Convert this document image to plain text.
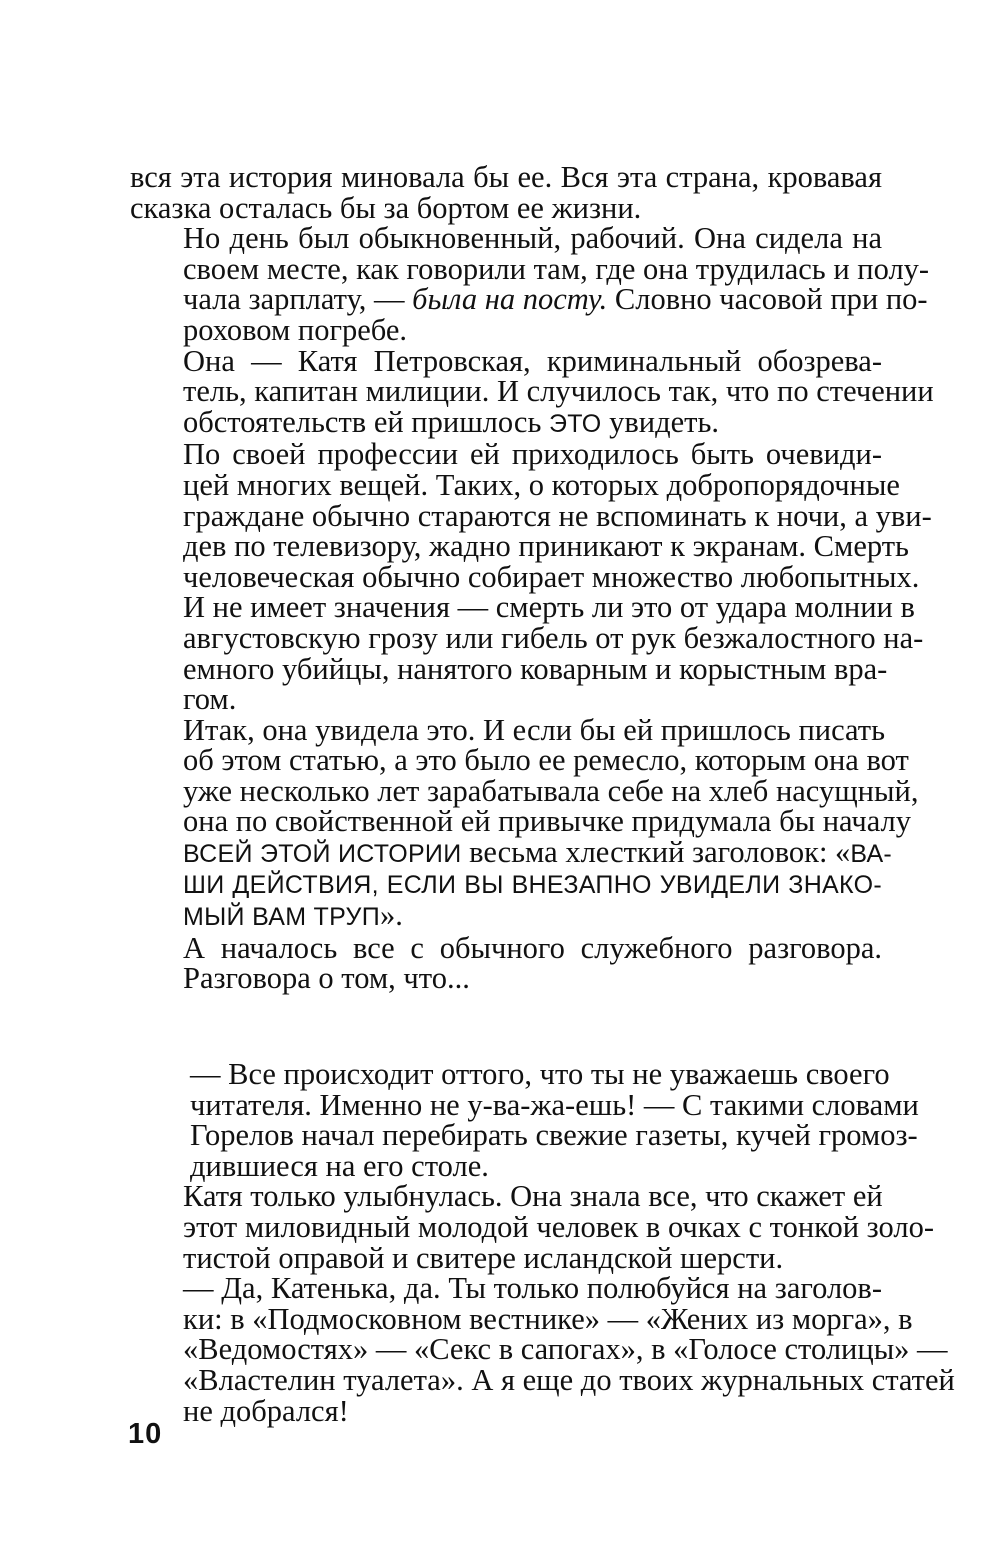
вся эта история миновала бы ее. Вся эта страна, кровавая
сказка осталась бы за бортом ее жизни.

Но день был обыкновенный, рабочий. Она сидела на
своем месте, как говорили там, где она трудилась и полу-
чала зарплату, — была на посту. Словно часовой при по-
роховом погребе.

Она — Катя Петровская, криминальный обозрева-
тель, капитан милиции. И случилось так, что по стечении
обстоятельств ей пришлось ЭТО увидеть.

По своей профессии ей приходилось быть очевиди-
цей многих вещей. Таких, о которых добропорядочные
граждане обычно стараются не вспоминать к ночи, а уви-
дев по телевизору, жадно приникают к экранам. Смерть
человеческая обычно собирает множество любопытных.
И не имеет значения — смерть ли это от удара молнии в
августовскую грозу или гибель от рук безжалостного на-
емного убийцы, нанятого коварным и корыстным вра-
гом.

Итак, она увидела это. И если бы ей пришлось писать
об этом статью, а это было ее ремесло, которым она вот
уже несколько лет зарабатывала себе на хлеб насущный,
она по свойственной ей привычке придумала бы началу
ВСЕЙ ЭТОЙ ИСТОРИИ весьма хлесткий заголовок: «ВА-
ШИ ДЕЙСТВИЯ, ЕСЛИ ВЫ ВНЕЗАПНО УВИДЕЛИ ЗНАКО-
МЫЙ ВАМ ТРУП».

А началось все с обычного служебного разговора.
Разговора о том, что...

— Все происходит оттого, что ты не уважаешь своего
читателя. Именно не у-ва-жа-ешь! — С такими словами
Горелов начал перебирать свежие газеты, кучей громоз-
дившиеся на его столе.

Катя только улыбнулась. Она знала все, что скажет ей
этот миловидный молодой человек в очках с тонкой золо-
тистой оправой и свитере исландской шерсти.

— Да, Катенька, да. Ты только полюбуйся на заголов-
ки: в «Подмосковном вестнике» — «Жених из морга», в
«Ведомостях» — «Секс в сапогах», в «Голосе столицы» —
«Властелин туалета». А я еще до твоих журнальных статей
не добрался!

10
